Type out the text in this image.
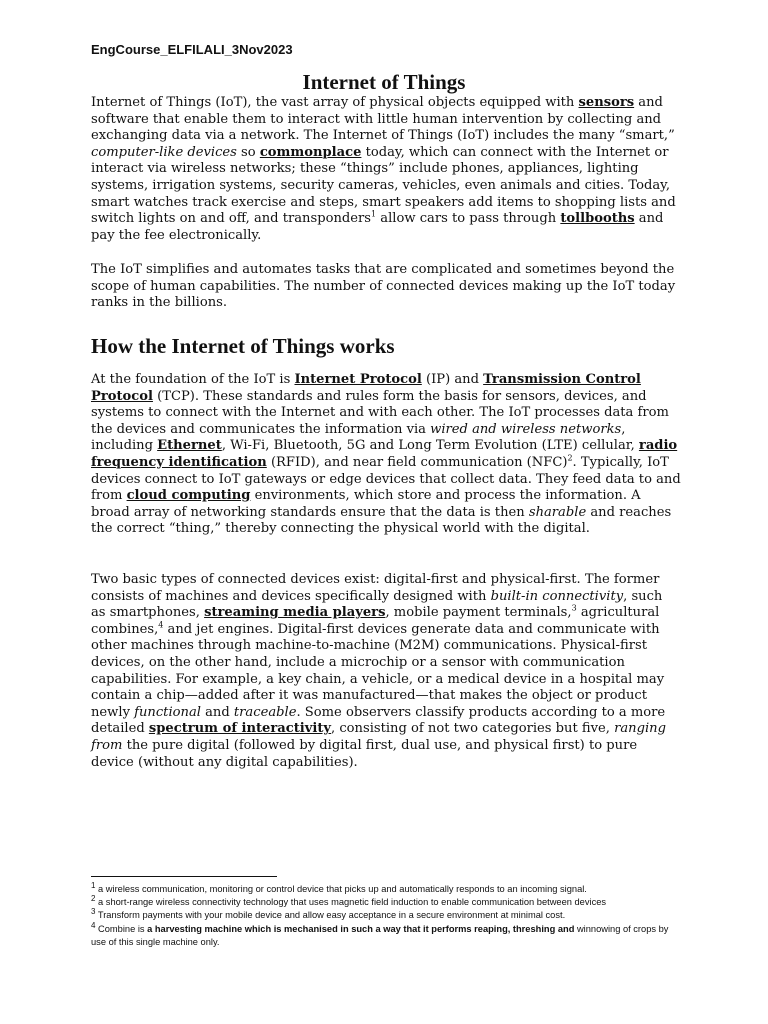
EngCourse_ELFILALI_3Nov2023
Internet of Things
Internet of Things (IoT), the vast array of physical objects equipped with sensors and software that enable them to interact with little human intervention by collecting and exchanging data via a network. The Internet of Things (IoT) includes the many “smart,” computer-like devices so commonplace today, which can connect with the Internet or interact via wireless networks; these “things” include phones, appliances, lighting systems, irrigation systems, security cameras, vehicles, even animals and cities. Today, smart watches track exercise and steps, smart speakers add items to shopping lists and switch lights on and off, and transponders$^1$ allow cars to pass through tollbooths and pay the fee electronically.
The IoT simplifies and automates tasks that are complicated and sometimes beyond the scope of human capabilities. The number of connected devices making up the IoT today ranks in the billions.
How the Internet of Things works
At the foundation of the IoT is Internet Protocol (IP) and Transmission Control Protocol (TCP). These standards and rules form the basis for sensors, devices, and systems to connect with the Internet and with each other. The IoT processes data from the devices and communicates the information via wired and wireless networks, including Ethernet, Wi-Fi, Bluetooth, 5G and Long Term Evolution (LTE) cellular, radio frequency identification (RFID), and near field communication (NFC)$^2$. Typically, IoT devices connect to IoT gateways or edge devices that collect data. They feed data to and from cloud computing environments, which store and process the information. A broad array of networking standards ensure that the data is then sharable and reaches the correct “thing,” thereby connecting the physical world with the digital.
Two basic types of connected devices exist: digital-first and physical-first. The former consists of machines and devices specifically designed with built-in connectivity, such as smartphones, streaming media players, mobile payment terminals,$^3$ agricultural combines,$^4$ and jet engines. Digital-first devices generate data and communicate with other machines through machine-to-machine (M2M) communications. Physical-first devices, on the other hand, include a microchip or a sensor with communication capabilities. For example, a key chain, a vehicle, or a medical device in a hospital may contain a chip—added after it was manufactured—that makes the object or product newly functional and traceable. Some observers classify products according to a more detailed spectrum of interactivity, consisting of not two categories but five, ranging from the pure digital (followed by digital first, dual use, and physical first) to pure device (without any digital capabilities).
$^1$ a wireless communication, monitoring or control device that picks up and automatically responds to an incoming signal.
$^2$ a short-range wireless connectivity technology that uses magnetic field induction to enable communication between devices
$^3$ Transform payments with your mobile device and allow easy acceptance in a secure environment at minimal cost.
$^4$ Combine is a harvesting machine which is mechanised in such a way that it performs reaping, threshing and winnowing of crops by use of this single machine only.
